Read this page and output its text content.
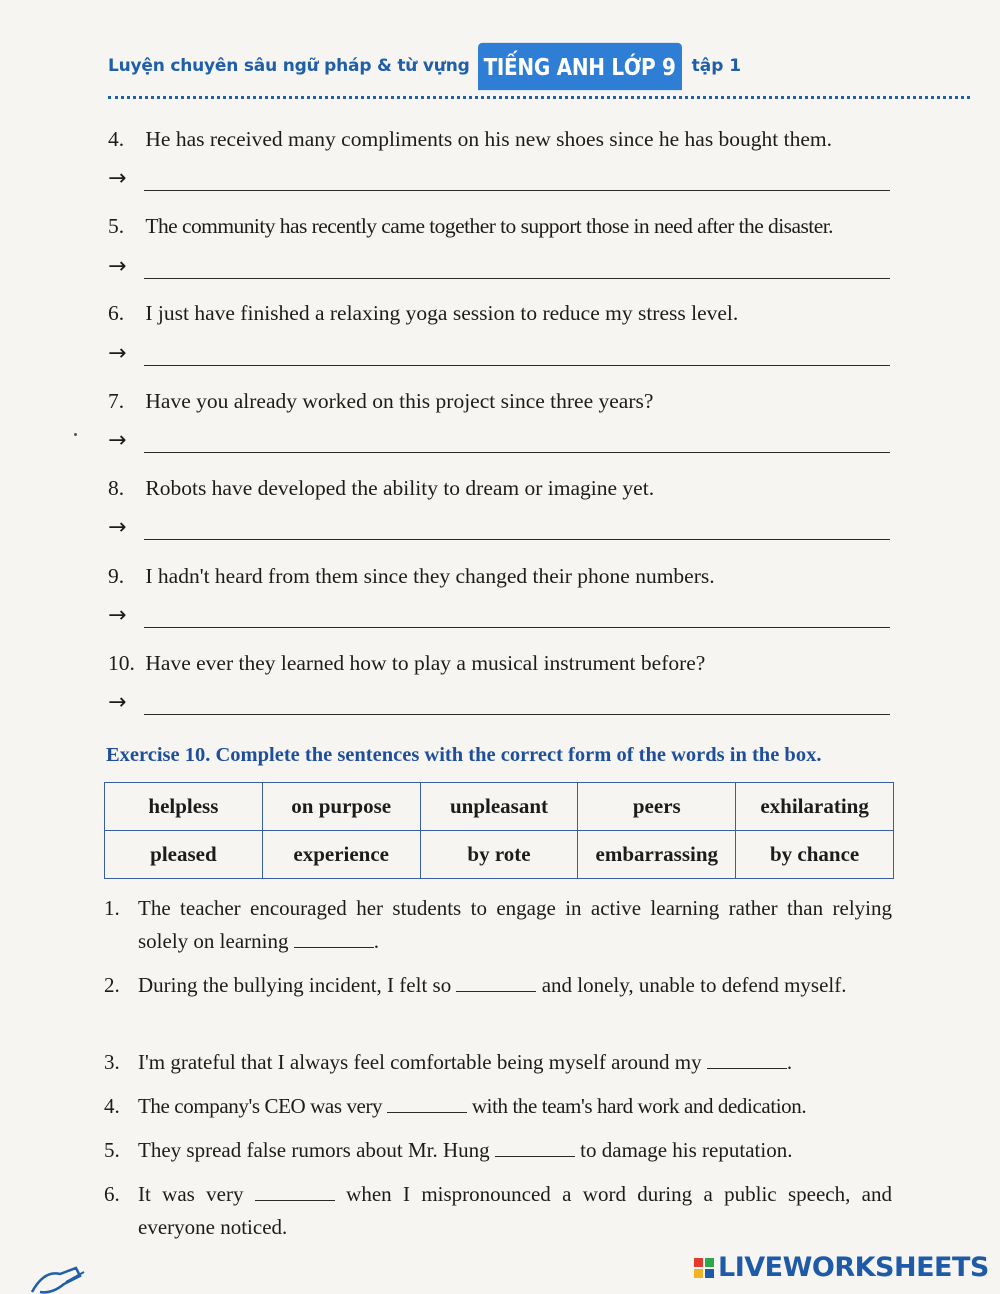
Luyện chuyên sâu ngữ pháp & từ vựng TIẾNG ANH LỚP 9 tập 1
4. He has received many compliments on his new shoes since he has bought them.
→
5. The community has recently came together to support those in need after the disaster.
→
6. I just have finished a relaxing yoga session to reduce my stress level.
→
7. Have you already worked on this project since three years?
→
8. Robots have developed the ability to dream or imagine yet.
→
9. I hadn't heard from them since they changed their phone numbers.
→
10. Have ever they learned how to play a musical instrument before?
→
Exercise 10. Complete the sentences with the correct form of the words in the box.
helpless	on purpose	unpleasant	peers	exhilarating
pleased	experience	by rote	embarrassing	by chance
1. The teacher encouraged her students to engage in active learning rather than relying solely on learning	.
2. During the bullying incident, I felt so	and lonely, unable to defend myself.
3. I'm grateful that I always feel comfortable being myself around my	.
4. The company's CEO was very	with the team's hard work and dedication.
5. They spread false rumors about Mr. Hung	to damage his reputation.
6. It was very	when I mispronounced a word during a public speech, and everyone noticed.
LIVEWORKSHEETS
